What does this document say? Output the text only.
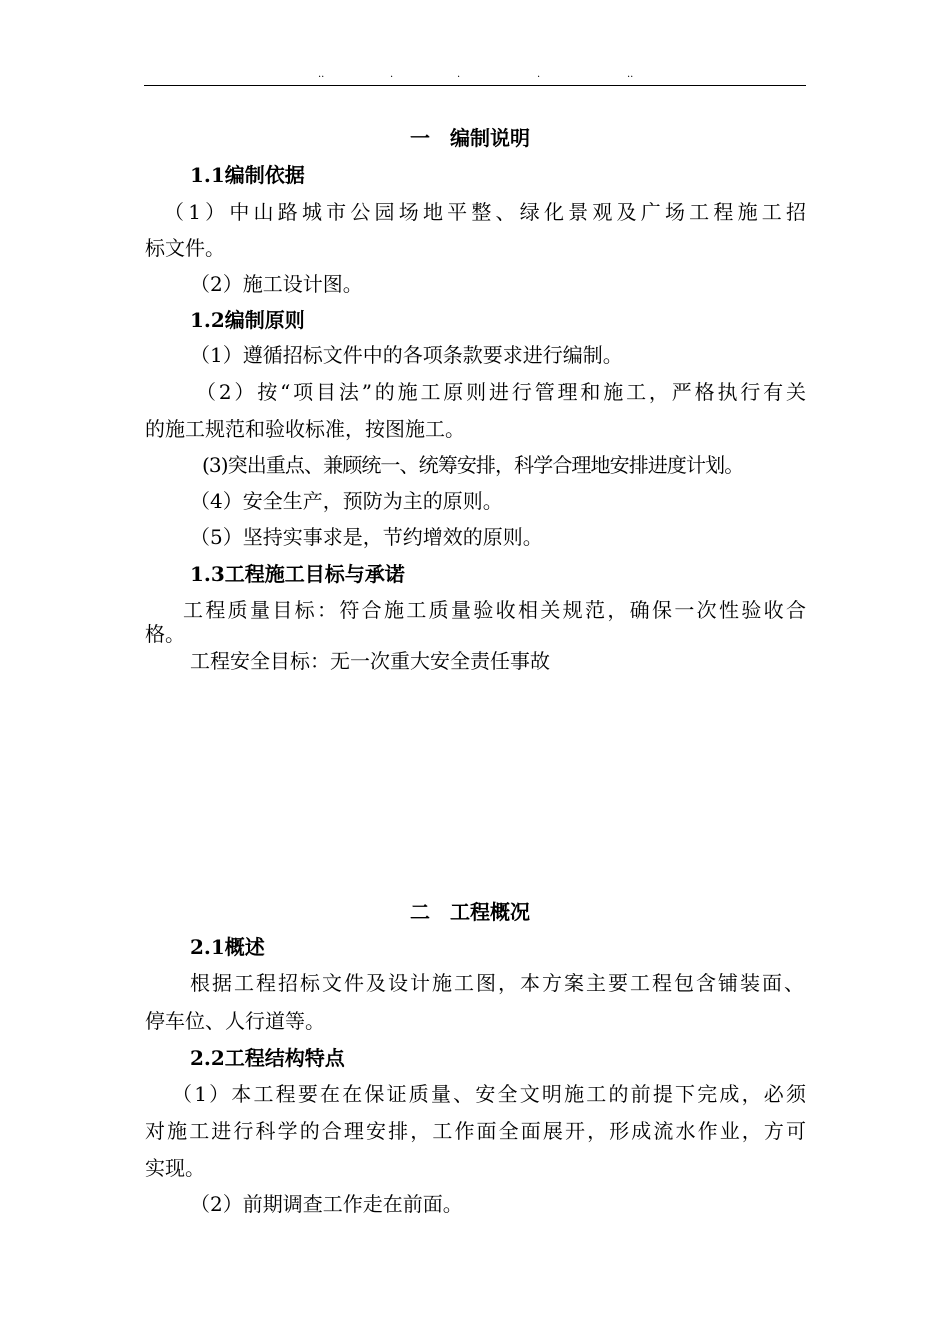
..	.	.	.	..
一　编制说明
1.1编制依据
（1）中山路城市公园场地平整、绿化景观及广场工程施工招
标文件。
（2）施工设计图。
1.2编制原则
（1）遵循招标文件中的各项条款要求进行编制。
（2）按“项目法”的施工原则进行管理和施工，严格执行有关
的施工规范和验收标准，按图施工。
(3)突出重点、兼顾统一、统筹安排，科学合理地安排进度计划。
（4）安全生产，预防为主的原则。
（5）坚持实事求是，节约增效的原则。
1.3工程施工目标与承诺
工程质量目标：符合施工质量验收相关规范，确保一次性验收合
格。
工程安全目标：无一次重大安全责任事故
二　工程概况
2.1概述
根据工程招标文件及设计施工图，本方案主要工程包含铺装面、
停车位、人行道等。
2.2工程结构特点
（1）本工程要在在保证质量、安全文明施工的前提下完成，必须
对施工进行科学的合理安排，工作面全面展开，形成流水作业，方可
实现。
（2）前期调查工作走在前面。
